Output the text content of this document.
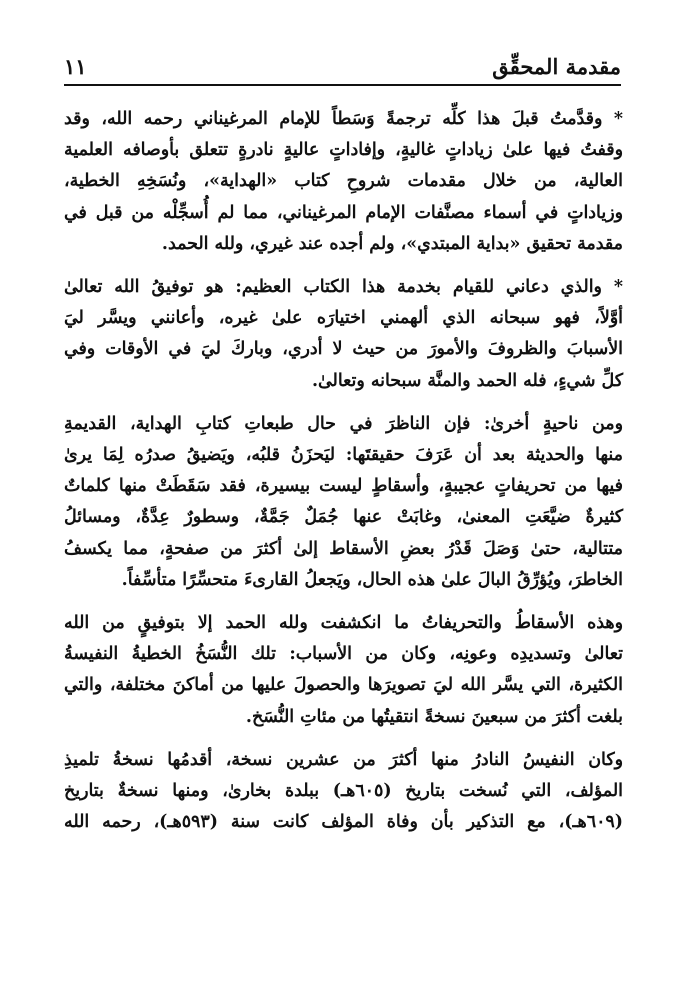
مقدمة المحقِّق
١١

* وقدَّمتُ قبلَ هذا كلِّه ترجمةً وَسَطاً للإمام المرغيناني رحمه الله، وقد
وقفتُ فيها علىٰ زياداتٍ غاليةٍ، وإفاداتٍ عاليةٍ نادرةٍ تتعلق بأوصافه العلمية
العالية، من خلال مقدمات شروحِ كتاب «الهداية»، ونُسَخِهِ الخطية،
وزياداتٍ في أسماء مصنَّفات الإمام المرغيناني، مما لم أُسجِّلْه من قبل في
مقدمة تحقيق «بداية المبتدي»، ولم أجده عند غيري، ولله الحمد.

* والذي دعاني للقيام بخدمة هذا الكتاب العظيم: هو توفيقُ الله تعالىٰ
أوَّلاً، فهو سبحانه الذي ألهمني اختيارَه علىٰ غيره، وأعانني ويسَّر ليَ
الأسبابَ والظروفَ والأمورَ من حيث لا أدري، وباركَ ليَ في الأوقات وفي
كلِّ شيءٍ، فله الحمد والمنَّة سبحانه وتعالىٰ.

ومن ناحيةٍ أخرىٰ: فإن الناظرَ في حال طبعاتِ كتابِ الهداية، القديمةِ
منها والحديثة بعد أن عَرَفَ حقيقتَها: ليَحزَنُ قلبُه، ويَضيقُ صدرُه لِمَا يرىٰ
فيها من تحريفاتٍ عجيبةٍ، وأسقاطٍ ليست بيسيرة، فقد سَقَطَتْ منها كلماتٌ
كثيرةٌ ضيَّعَتِ المعنىٰ، وغابَتْ عنها جُمَلٌ جَمَّةٌ، وسطورٌ عِدَّةٌ، ومسائلُ
متتالية، حتىٰ وَصَلَ قَدْرُ بعضِ الأسقاط إلىٰ أكثرَ من صفحةٍ، مما يكسفُ
الخاطرَ، ويُؤرِّقُ البالَ علىٰ هذه الحال، ويَجعلُ القارىءَ متحسِّرًا متأسِّفاً.

وهذه الأسقاطُ والتحريفاتُ ما انكشفت ولله الحمد إلا بتوفيقٍ من الله
تعالىٰ وتسديدِه وعونِه، وكان من الأسباب: تلك النُّسَخُ الخطيةُ النفيسةُ
الكثيرة، التي يسَّر الله ليَ تصويرَها والحصولَ عليها من أماكنَ مختلفة، والتي
بلغت أكثرَ من سبعينَ نسخةً انتقيتُها من مئاتِ النُّسَخ.

وكان النفيسُ النادرُ منها أكثرَ من عشرين نسخة، أقدمُها نسخةُ تلميذِ
المؤلف، التي نُسخت بتاريخ (٦٠٥هـ) ببلدة بخارىٰ، ومنها نسخةٌ بتاريخ
(٦٠٩هـ)، مع التذكير بأن وفاة المؤلف كانت سنة (٥٩٣هـ)، رحمه الله
